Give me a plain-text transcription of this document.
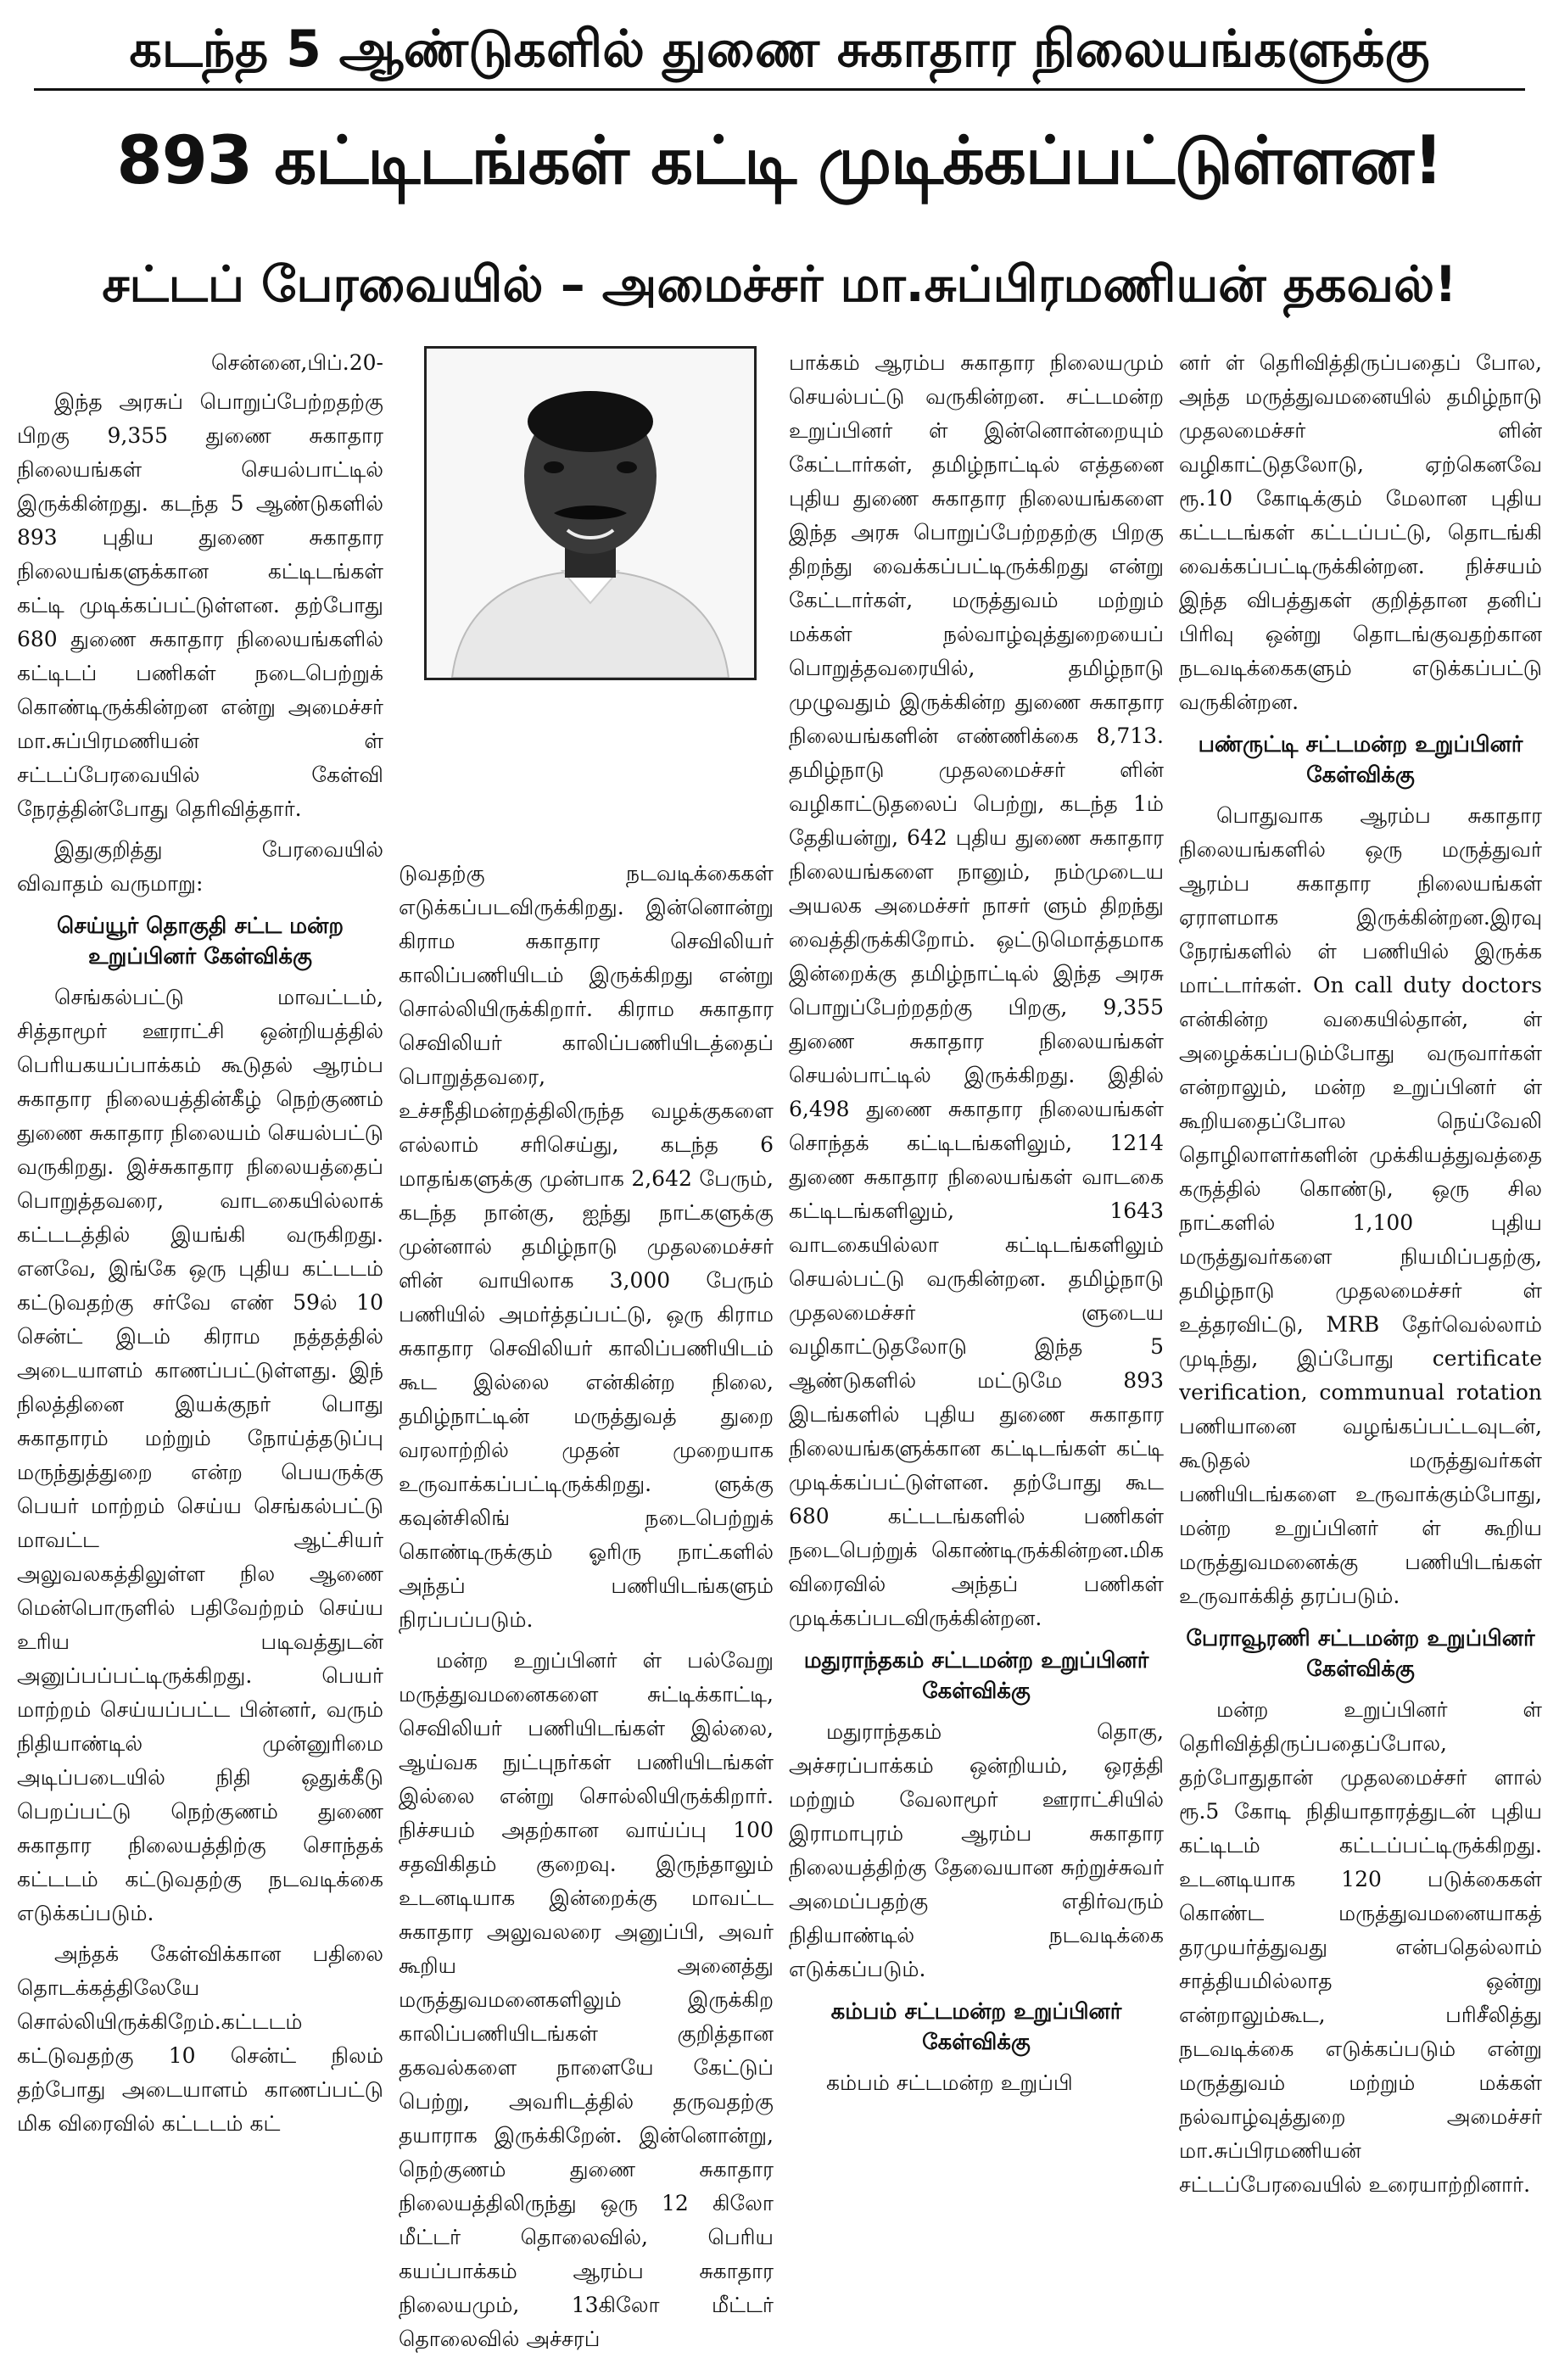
கடந்த 5 ஆண்டுகளில் துணை சுகாதார நிலையங்களுக்கு
893 கட்டிடங்கள் கட்டி முடிக்கப்பட்டுள்ளன!
சட்டப் பேரவையில் – அமைச்சர் மா.சுப்பிரமணியன் தகவல்!

சென்னை,பிப்.20-

இந்த அரசுப் பொறுப்பேற்றதற்கு பிறகு 9,355 துணை சுகாதார நிலையங்கள் செயல்பாட்டில் இருக்கின்றது. கடந்த 5 ஆண்டுகளில் 893 புதிய துணை சுகாதார நிலையங்களுக்கான கட்டிடங்கள் கட்டி முடிக்கப்பட்டுள்ளன. தற்போது 680 துணை சுகாதார நிலையங்களில் கட்டிடப் பணிகள் நடைபெற்றுக் கொண்டிருக்கின்றன என்று அமைச்சர் மா.சுப்பிரமணியன் ள் சட்டப்பேரவையில் கேள்வி நேரத்தின்போது தெரிவித்தார்.

இதுகுறித்து பேரவையில் விவாதம் வருமாறு:

செய்யூர் தொகுதி சட்ட மன்ற உறுப்பினர் கேள்விக்கு

செங்கல்பட்டு மாவட்டம், சித்தாமூர் ஊராட்சி ஒன்றியத்தில் பெரியகயப்பாக்கம் கூடுதல் ஆரம்ப சுகாதார நிலையத்தின்கீழ் நெற்குணம் துணை சுகாதார நிலையம் செயல்பட்டு வருகிறது. இச்சுகாதார நிலையத்தைப் பொறுத்தவரை, வாடகையில்லாக் கட்டடத்தில் இயங்கி வருகிறது. எனவே, இங்கே ஒரு புதிய கட்டடம் கட்டுவதற்கு சர்வே எண் 59ல் 10 சென்ட் இடம் கிராம நத்தத்தில் அடையாளம் காணப்பட்டுள்ளது. இந் நிலத்தினை இயக்குநர் பொது சுகாதாரம் மற்றும் நோய்த்தடுப்பு மருந்துத்துறை என்ற பெயருக்கு பெயர் மாற்றம் செய்ய செங்கல்பட்டு மாவட்ட ஆட்சியர் அலுவலகத்திலுள்ள நில ஆணை மென்பொருளில் பதிவேற்றம் செய்ய உரிய படிவத்துடன் அனுப்பப்பட்டிருக்கிறது. பெயர் மாற்றம் செய்யப்பட்ட பின்னர், வரும் நிதியாண்டில் முன்னுரிமை அடிப்படையில் நிதி ஒதுக்கீடு பெறப்பட்டு நெற்குணம் துணை சுகாதார நிலையத்திற்கு சொந்தக் கட்டடம் கட்டுவதற்கு நடவடிக்கை எடுக்கப்படும்.

அந்தக் கேள்விக்கான பதிலை தொடக்கத்திலேயே சொல்லியிருக்கிறேம்.கட்டடம் கட்டுவதற்கு 10 சென்ட் நிலம் தற்போது அடையாளம் காணப்பட்டு மிக விரைவில் கட்டடம் கட்

டுவதற்கு நடவடிக்கைகள் எடுக்கப்படவிருக்கிறது. இன்னொன்று கிராம சுகாதார செவிலியர் காலிப்பணியிடம் இருக்கிறது என்று சொல்லியிருக்கிறார். கிராம சுகாதார செவிலியர் காலிப்பணியிடத்தைப் பொறுத்தவரை, உச்சநீதிமன்றத்திலிருந்த வழக்குகளை எல்லாம் சரிசெய்து, கடந்த 6 மாதங்களுக்கு முன்பாக 2,642 பேரும், கடந்த நான்கு, ஐந்து நாட்களுக்கு முன்னால் தமிழ்நாடு முதலமைச்சர் ளின் வாயிலாக 3,000 பேரும் பணியில் அமர்த்தப்பட்டு, ஒரு கிராம சுகாதார செவிலியர் காலிப்பணியிடம் கூட இல்லை என்கின்ற நிலை, தமிழ்நாட்டின் மருத்துவத் துறை வரலாற்றில் முதன் முறையாக உருவாக்கப்பட்டிருக்கிறது. ளுக்கு கவுன்சிலிங் நடைபெற்றுக் கொண்டிருக்கும் ஓரிரு நாட்களில் அந்தப் பணியிடங்களும் நிரப்பப்படும்.

மன்ற உறுப்பினர் ள் பல்வேறு மருத்துவமனைகளை சுட்டிக்காட்டி, செவிலியர் பணியிடங்கள் இல்லை, ஆய்வக நுட்புநர்கள் பணியிடங்கள் இல்லை என்று சொல்லியிருக்கிறார். நிச்சயம் அதற்கான வாய்ப்பு 100 சதவிகிதம் குறைவு. இருந்தாலும் உடனடியாக இன்றைக்கு மாவட்ட சுகாதார அலுவலரை அனுப்பி, அவர் கூறிய அனைத்து மருத்துவமனைகளிலும் இருக்கிற காலிப்பணியிடங்கள் குறித்தான தகவல்களை நாளையே கேட்டுப் பெற்று, அவரிடத்தில் தருவதற்கு தயாராக இருக்கிறேன். இன்னொன்று, நெற்குணம் துணை சுகாதார நிலையத்திலிருந்து ஒரு 12 கிலோ மீட்டர் தொலைவில், பெரிய கயப்பாக்கம் ஆரம்ப சுகாதார நிலையமும், 13கிலோ மீட்டர் தொலைவில் அச்சரப்

பாக்கம் ஆரம்ப சுகாதார நிலையமும் செயல்பட்டு வருகின்றன. சட்டமன்ற உறுப்பினர் ள் இன்னொன்றையும் கேட்டார்கள், தமிழ்நாட்டில் எத்தனை புதிய துணை சுகாதார நிலையங்களை இந்த அரசு பொறுப்பேற்றதற்கு பிறகு திறந்து வைக்கப்பட்டிருக்கிறது என்று கேட்டார்கள், மருத்துவம் மற்றும் மக்கள் நல்வாழ்வுத்துறையைப் பொறுத்தவரையில், தமிழ்நாடு முழுவதும் இருக்கின்ற துணை சுகாதார நிலையங்களின் எண்ணிக்கை 8,713. தமிழ்நாடு முதலமைச்சர் ளின் வழிகாட்டுதலைப் பெற்று, கடந்த 1ம் தேதியன்று, 642 புதிய துணை சுகாதார நிலையங்களை நானும், நம்முடைய அயலக அமைச்சர் நாசர் ளும் திறந்து வைத்திருக்கிறோம். ஒட்டுமொத்தமாக இன்றைக்கு தமிழ்நாட்டில் இந்த அரசு பொறுப்பேற்றதற்கு பிறகு, 9,355 துணை சுகாதார நிலையங்கள் செயல்பாட்டில் இருக்கிறது. இதில் 6,498 துணை சுகாதார நிலையங்கள் சொந்தக் கட்டிடங்களிலும், 1214 துணை சுகாதார நிலையங்கள் வாடகை கட்டிடங்களிலும், 1643 வாடகையில்லா கட்டிடங்களிலும் செயல்பட்டு வருகின்றன. தமிழ்நாடு முதலமைச்சர் ளுடைய வழிகாட்டுதலோடு இந்த 5 ஆண்டுகளில் மட்டுமே 893 இடங்களில் புதிய துணை சுகாதார நிலையங்களுக்கான கட்டிடங்கள் கட்டி முடிக்கப்பட்டுள்ளன. தற்போது கூட 680 கட்டடங்களில் பணிகள் நடைபெற்றுக் கொண்டிருக்கின்றன.மிக விரைவில் அந்தப் பணிகள் முடிக்கப்படவிருக்கின்றன.

மதுராந்தகம் சட்டமன்ற உறுப்பினர் கேள்விக்கு

மதுராந்தகம் தொகு, அச்சரப்பாக்கம் ஒன்றியம், ஒரத்தி மற்றும் வேலாமூர் ஊராட்சியில் இராமாபுரம் ஆரம்ப சுகாதார நிலையத்திற்கு தேவையான சுற்றுச்சுவர் அமைப்பதற்கு எதிர்வரும் நிதியாண்டில் நடவடிக்கை எடுக்கப்படும்.

கம்பம் சட்டமன்ற உறுப்பினர் கேள்விக்கு

கம்பம் சட்டமன்ற உறுப்பி

னர் ள் தெரிவித்திருப்பதைப் போல, அந்த மருத்துவமனையில் தமிழ்நாடு முதலமைச்சர் ளின் வழிகாட்டுதலோடு, ஏற்கெனவே ரூ.10 கோடிக்கும் மேலான புதிய கட்டடங்கள் கட்டப்பட்டு, தொடங்கி வைக்கப்பட்டிருக்கின்றன. நிச்சயம் இந்த விபத்துகள் குறித்தான தனிப் பிரிவு ஒன்று தொடங்குவதற்கான நடவடிக்கைகளும் எடுக்கப்பட்டு வருகின்றன.

பண்ருட்டி சட்டமன்ற உறுப்பினர் கேள்விக்கு

பொதுவாக ஆரம்ப சுகாதார நிலையங்களில் ஒரு மருத்துவர் ஆரம்ப சுகாதார நிலையங்கள் ஏராளமாக இருக்கின்றன.இரவு நேரங்களில் ள் பணியில் இருக்க மாட்டார்கள். On call duty doctors என்கின்ற வகையில்தான், ள் அழைக்கப்படும்போது வருவார்கள் என்றாலும், மன்ற உறுப்பினர் ள் கூறியதைப்போல நெய்வேலி தொழிலாளர்களின் முக்கியத்துவத்தை கருத்தில் கொண்டு, ஒரு சில நாட்களில் 1,100 புதிய மருத்துவர்களை நியமிப்பதற்கு, தமிழ்நாடு முதலமைச்சர் ள் உத்தரவிட்டு, MRB தேர்வெல்லாம் முடிந்து, இப்போது certificate verification, communual rotation பணியானை வழங்கப்பட்டவுடன், கூடுதல் மருத்துவர்கள் பணியிடங்களை உருவாக்கும்போது, மன்ற உறுப்பினர் ள் கூறிய மருத்துவமனைக்கு பணியிடங்கள் உருவாக்கித் தரப்படும்.

பேராவூரணி சட்டமன்ற உறுப்பினர் கேள்விக்கு

மன்ற உறுப்பினர் ள் தெரிவித்திருப்பதைப்போல, தற்போதுதான் முதலமைச்சர் ளால் ரூ.5 கோடி நிதியாதாரத்துடன் புதிய கட்டிடம் கட்டப்பட்டிருக்கிறது. உடனடியாக 120 படுக்கைகள் கொண்ட மருத்துவமனையாகத் தரமுயர்த்துவது என்பதெல்லாம் சாத்தியமில்லாத ஒன்று என்றாலும்கூட, பரிசீலித்து நடவடிக்கை எடுக்கப்படும் என்று மருத்துவம் மற்றும் மக்கள் நல்வாழ்வுத்துறை அமைச்சர் மா.சுப்பிரமணியன் சட்டப்பேரவையில் உரையாற்றினார்.
